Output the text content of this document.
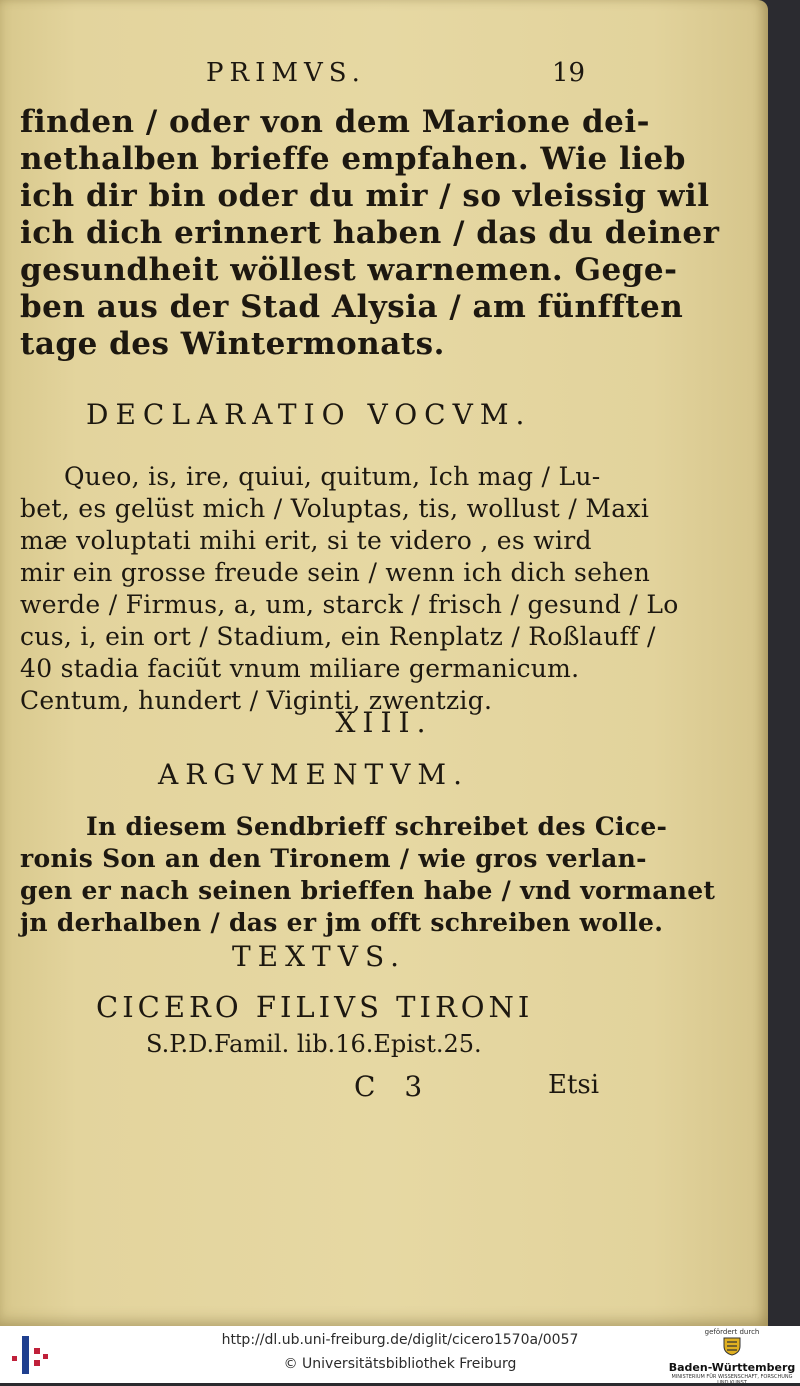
PRIMVS.	19
finden / oder von dem Marione dei-
nethalben brieffe empfahen. Wie lieb
ich dir bin oder du mir / so vleissig wil
ich dich erinnert haben / das du deiner
gesundheit wöllest warnemen. Gege-
ben aus der Stad Alysia / am fünfften
tage des Wintermonats.
DECLARATIO VOCVM.
Queo, is, ire, quiui, quitum, Ich mag / Lu-
bet, es gelüst mich / Voluptas, tis, wollust / Maxi
mæ voluptati mihi erit, si te videro , es wird
mir ein grosse freude sein / wenn ich dich sehen
werde / Firmus, a, um, starck / frisch / gesund / Lo
cus, i, ein ort / Stadium, ein Renplatz / Roßlauff /
40 stadia faciũt vnum miliare germanicum.
Centum, hundert / Viginti, zwentzig.
XIII.
ARGVMENTVM.
In diesem Sendbrieff schreibet des Cice-
ronis Son an den Tironem / wie gros verlan-
gen er nach seinen brieffen habe / vnd vormanet
jn derhalben / das er jm offt schreiben wolle.
TEXTVS.
CICERO FILIVS TIRONI
S.P.D.Famil. lib.16.Epist.25.
C 3	Etsi
http://dl.ub.uni-freiburg.de/diglit/cicero1570a/0057
© Universitätsbibliothek Freiburg
gefördert durch
Baden-Württemberg
MINISTERIUM FÜR WISSENSCHAFT, FORSCHUNG UND KUNST
